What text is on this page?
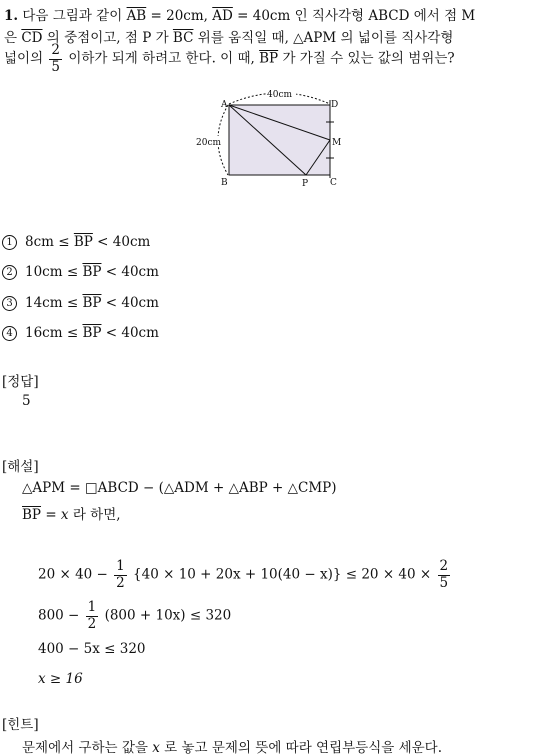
1. 다음 그림과 같이 $\overline{AB} = 20cm$, $\overline{AD} = 40cm$ 인 직사각형 ABCD 에서 점 M
은 $\overline{CD}$ 의 중점이고, 점 P 가 $\overline{BC}$ 위를 움직일 때, △APM 의 넓이를 직사각형
넓이의 $\frac{2}{5}$ 이하가 되게 하려고 한다. 이 때, $\overline{BP}$ 가 가질 수 있는 값의 범위는?
40cm
20cm
A	D
B	C
M
P
1 $8cm \le \overline{BP} < 40cm$
2 $10cm \le \overline{BP} < 40cm$
3 $14cm \le \overline{BP} < 40cm$
4 $16cm \le \overline{BP} < 40cm$
[정답]
5
[해설]
△APM = □ABCD − (△ADM + △ABP + △CMP)
$\overline{BP} = x$ 라 하면,
$20 \times 40 - \frac{1}{2} \{40 \times 10 + 20x + 10(40 - x)\} \le 20 \times 40 \times \frac{2}{5}$
$800 - \frac{1}{2} (800 + 10x) \le 320$
400 − 5x ≤ 320
x ≥ 16
[힌트]
문제에서 구하는 값을 x 로 놓고 문제의 뜻에 따라 연립부등식을 세운다.
